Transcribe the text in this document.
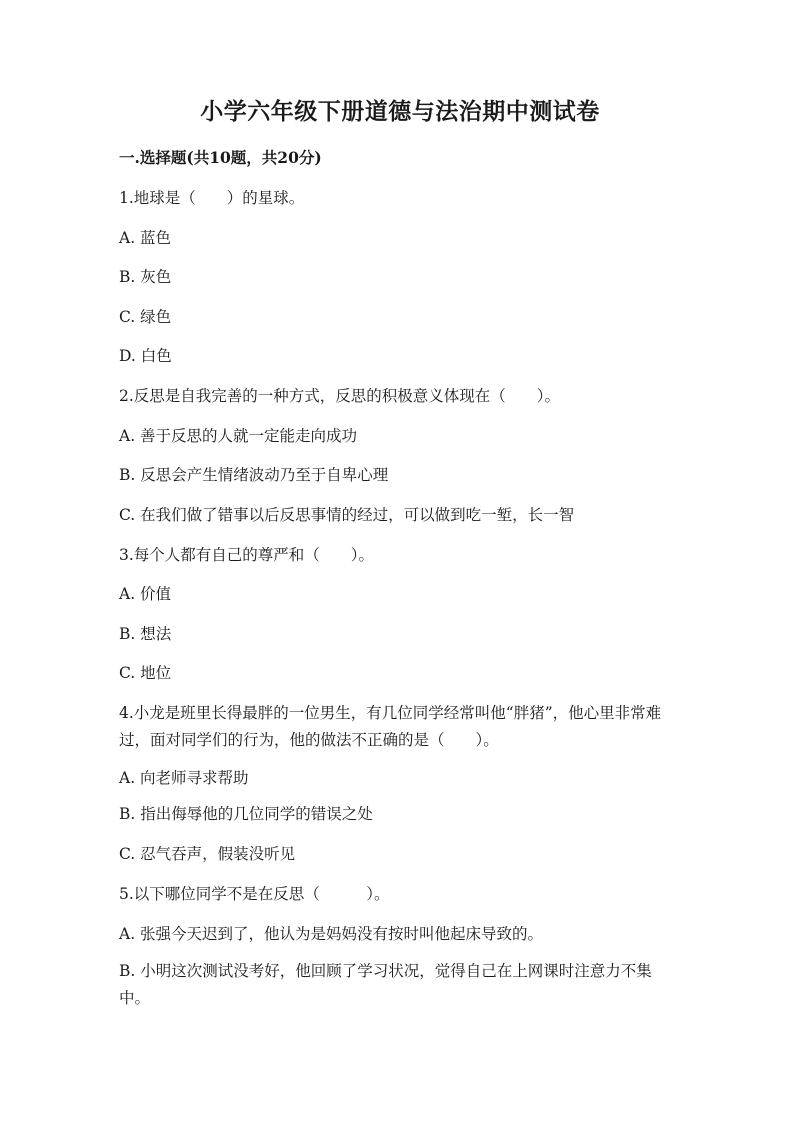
小学六年级下册道德与法治期中测试卷
一.选择题(共10题，共20分)
1.地球是（　　）的星球。
A. 蓝色
B. 灰色
C. 绿色
D. 白色
2.反思是自我完善的一种方式，反思的积极意义体现在（　　）。
A. 善于反思的人就一定能走向成功
B. 反思会产生情绪波动乃至于自卑心理
C. 在我们做了错事以后反思事情的经过，可以做到吃一堑，长一智
3.每个人都有自己的尊严和（　　）。
A. 价值
B. 想法
C. 地位
4.小龙是班里长得最胖的一位男生，有几位同学经常叫他“胖猪”，他心里非常难过，面对同学们的行为，他的做法不正确的是（　　）。
A. 向老师寻求帮助
B. 指出侮辱他的几位同学的错误之处
C. 忍气吞声，假装没听见
5.以下哪位同学不是在反思（　　　）。
A. 张强今天迟到了，他认为是妈妈没有按时叫他起床导致的。
B. 小明这次测试没考好，他回顾了学习状况，觉得自己在上网课时注意力不集中。
